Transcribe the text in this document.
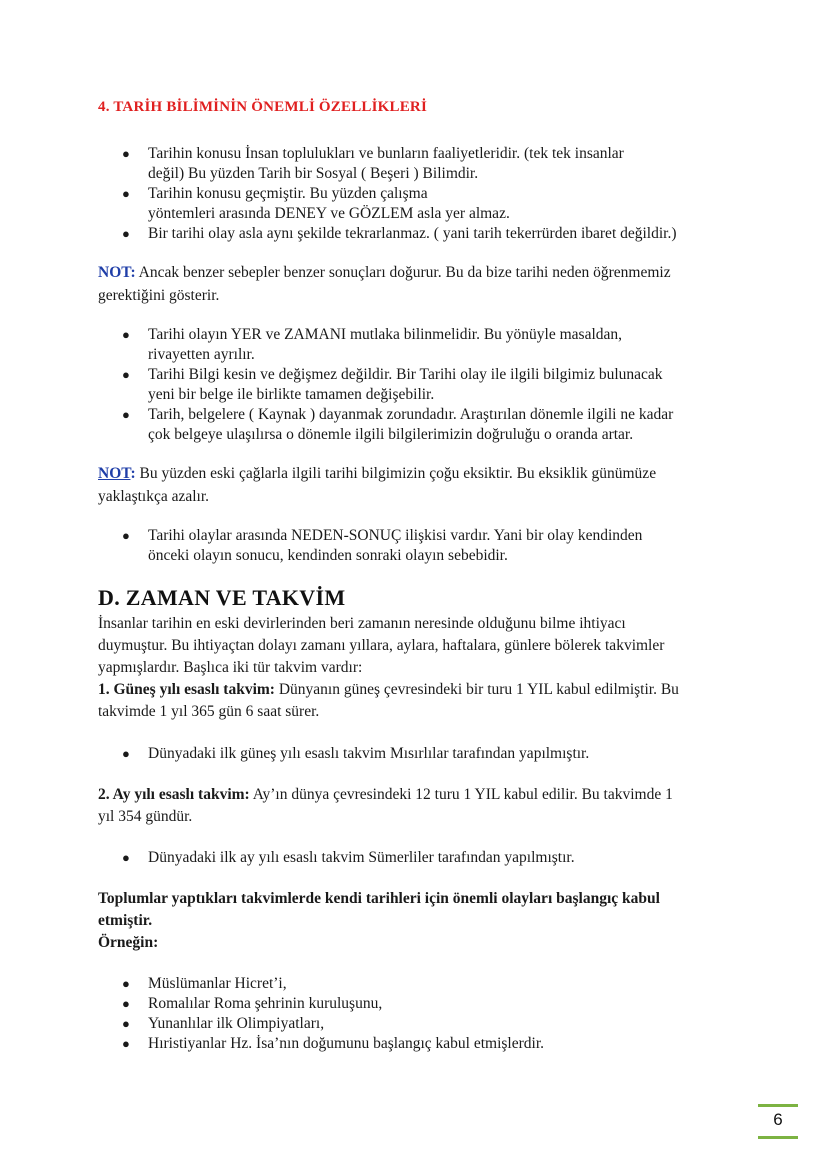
4. TARİH BİLİMİNİN ÖNEMLİ ÖZELLİKLERİ
● Tarihin konusu İnsan toplulukları ve bunların faaliyetleridir. (tek tek insanlar
değil) Bu yüzden Tarih bir Sosyal ( Beşeri ) Bilimdir.
● Tarihin konusu geçmiştir. Bu yüzden çalışma
yöntemleri arasında DENEY ve GÖZLEM asla yer almaz.
● Bir tarihi olay asla aynı şekilde tekrarlanmaz. ( yani tarih tekerrürden ibaret değildir.)
NOT: Ancak benzer sebepler benzer sonuçları doğurur. Bu da bize tarihi neden öğrenmemiz
gerektiğini gösterir.
● Tarihi olayın YER ve ZAMANI mutlaka bilinmelidir. Bu yönüyle masaldan,
rivayetten ayrılır.
● Tarihi Bilgi kesin ve değişmez değildir. Bir Tarihi olay ile ilgili bilgimiz bulunacak
yeni bir belge ile birlikte tamamen değişebilir.
● Tarih, belgelere ( Kaynak ) dayanmak zorundadır. Araştırılan dönemle ilgili ne kadar
çok belgeye ulaşılırsa o dönemle ilgili bilgilerimizin doğruluğu o oranda artar.
NOT: Bu yüzden eski çağlarla ilgili tarihi bilgimizin çoğu eksiktir. Bu eksiklik günümüze
yaklaştıkça azalır.
● Tarihi olaylar arasında NEDEN-SONUÇ ilişkisi vardır. Yani bir olay kendinden
önceki olayın sonucu, kendinden sonraki olayın sebebidir.
D. ZAMAN VE TAKVİM
İnsanlar tarihin en eski devirlerinden beri zamanın neresinde olduğunu bilme ihtiyacı
duymuştur. Bu ihtiyaçtan dolayı zamanı yıllara, aylara, haftalara, günlere bölerek takvimler
yapmışlardır. Başlıca iki tür takvim vardır:
1. Güneş yılı esaslı takvim: Dünyanın güneş çevresindeki bir turu 1 YIL kabul edilmiştir. Bu
takvimde 1 yıl 365 gün 6 saat sürer.
● Dünyadaki ilk güneş yılı esaslı takvim Mısırlılar tarafından yapılmıştır.
2. Ay yılı esaslı takvim: Ay’ın dünya çevresindeki 12 turu 1 YIL kabul edilir. Bu takvimde 1
yıl 354 gündür.
● Dünyadaki ilk ay yılı esaslı takvim Sümerliler tarafından yapılmıştır.
Toplumlar yaptıkları takvimlerde kendi tarihleri için önemli olayları başlangıç kabul
etmiştir.
Örneğin:
● Müslümanlar Hicret’i,
● Romalılar Roma şehrinin kuruluşunu,
● Yunanlılar ilk Olimpiyatları,
● Hıristiyanlar Hz. İsa’nın doğumunu başlangıç kabul etmişlerdir.
6
